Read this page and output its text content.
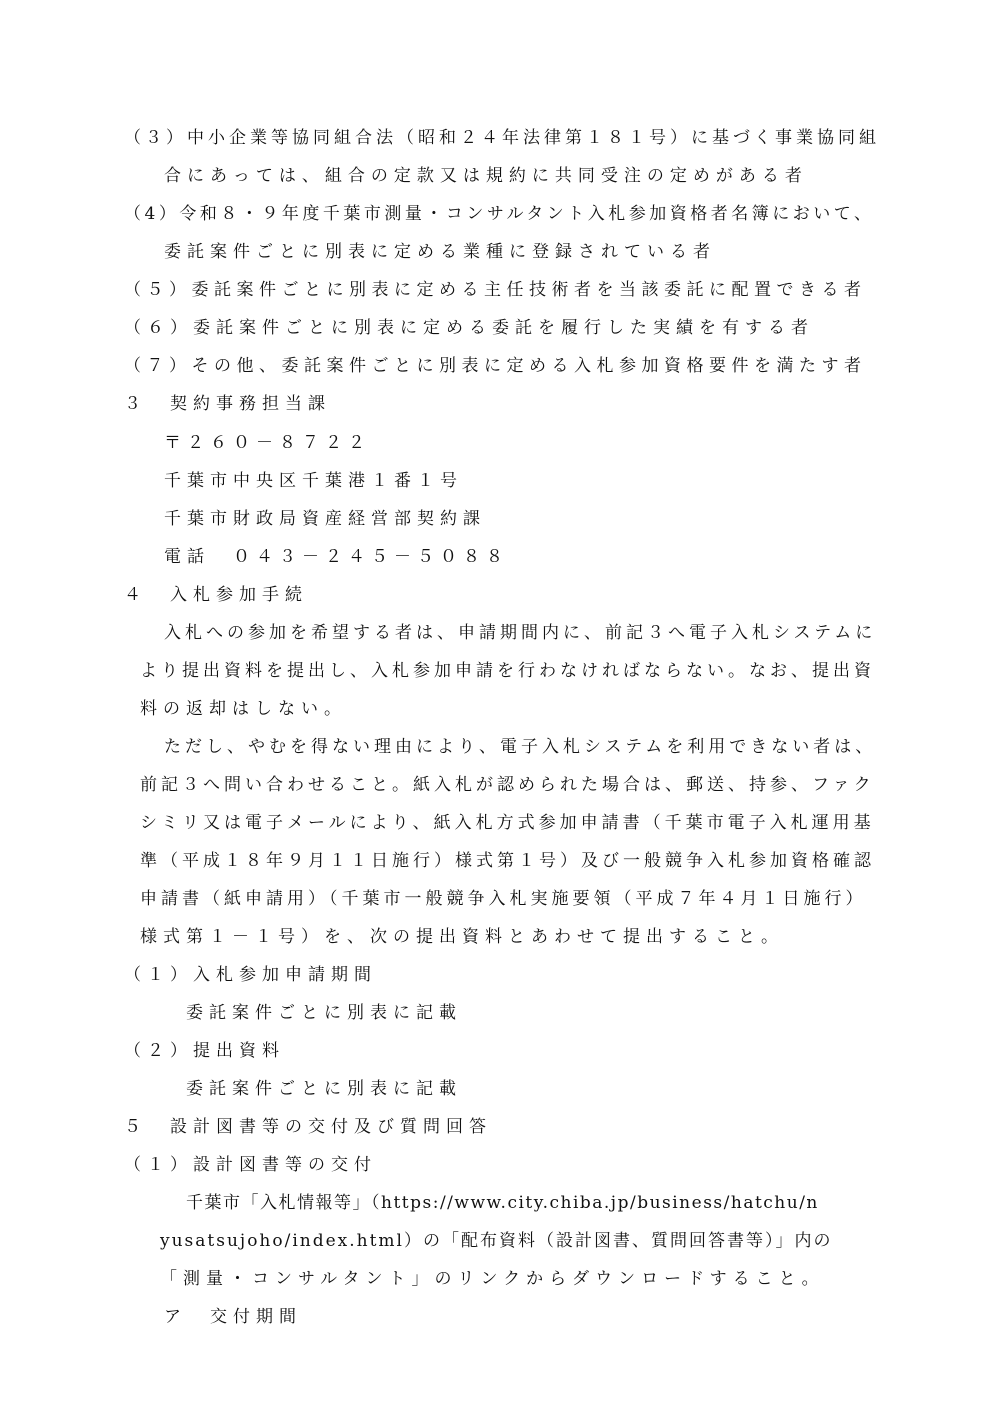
（３）中小企業等協同組合法（昭和２４年法律第１８１号）に基づく事業協同組
合にあっては、組合の定款又は規約に共同受注の定めがある者
（4）令和８・９年度千葉市測量・コンサルタント入札参加資格者名簿において、
委託案件ごとに別表に定める業種に登録されている者
（５）委託案件ごとに別表に定める主任技術者を当該委託に配置できる者
（６）委託案件ごとに別表に定める委託を履行した実績を有する者
（７）その他、委託案件ごとに別表に定める入札参加資格要件を満たす者
３　契約事務担当課
〒２６０－８７２２
千葉市中央区千葉港１番１号
千葉市財政局資産経営部契約課
電話　０４３－２４５－５０８８
４　入札参加手続
入札への参加を希望する者は、申請期間内に、前記３へ電子入札システムに
より提出資料を提出し、入札参加申請を行わなければならない。なお、提出資
料の返却はしない。
ただし、やむを得ない理由により、電子入札システムを利用できない者は、
前記３へ問い合わせること。紙入札が認められた場合は、郵送、持参、ファク
シミリ又は電子メールにより、紙入札方式参加申請書（千葉市電子入札運用基
準（平成１８年９月１１日施行）様式第１号）及び一般競争入札参加資格確認
申請書（紙申請用）（千葉市一般競争入札実施要領（平成７年４月１日施行）
様式第１－１号）を、次の提出資料とあわせて提出すること。
（１）入札参加申請期間
委託案件ごとに別表に記載
（２）提出資料
委託案件ごとに別表に記載
５　設計図書等の交付及び質問回答
（１）設計図書等の交付
千葉市「入札情報等」（https://www.city.chiba.jp/business/hatchu/n
yusatsujoho/index.html）の「配布資料（設計図書、質問回答書等）」内の
「測量・コンサルタント」のリンクからダウンロードすること。
ア　交付期間
